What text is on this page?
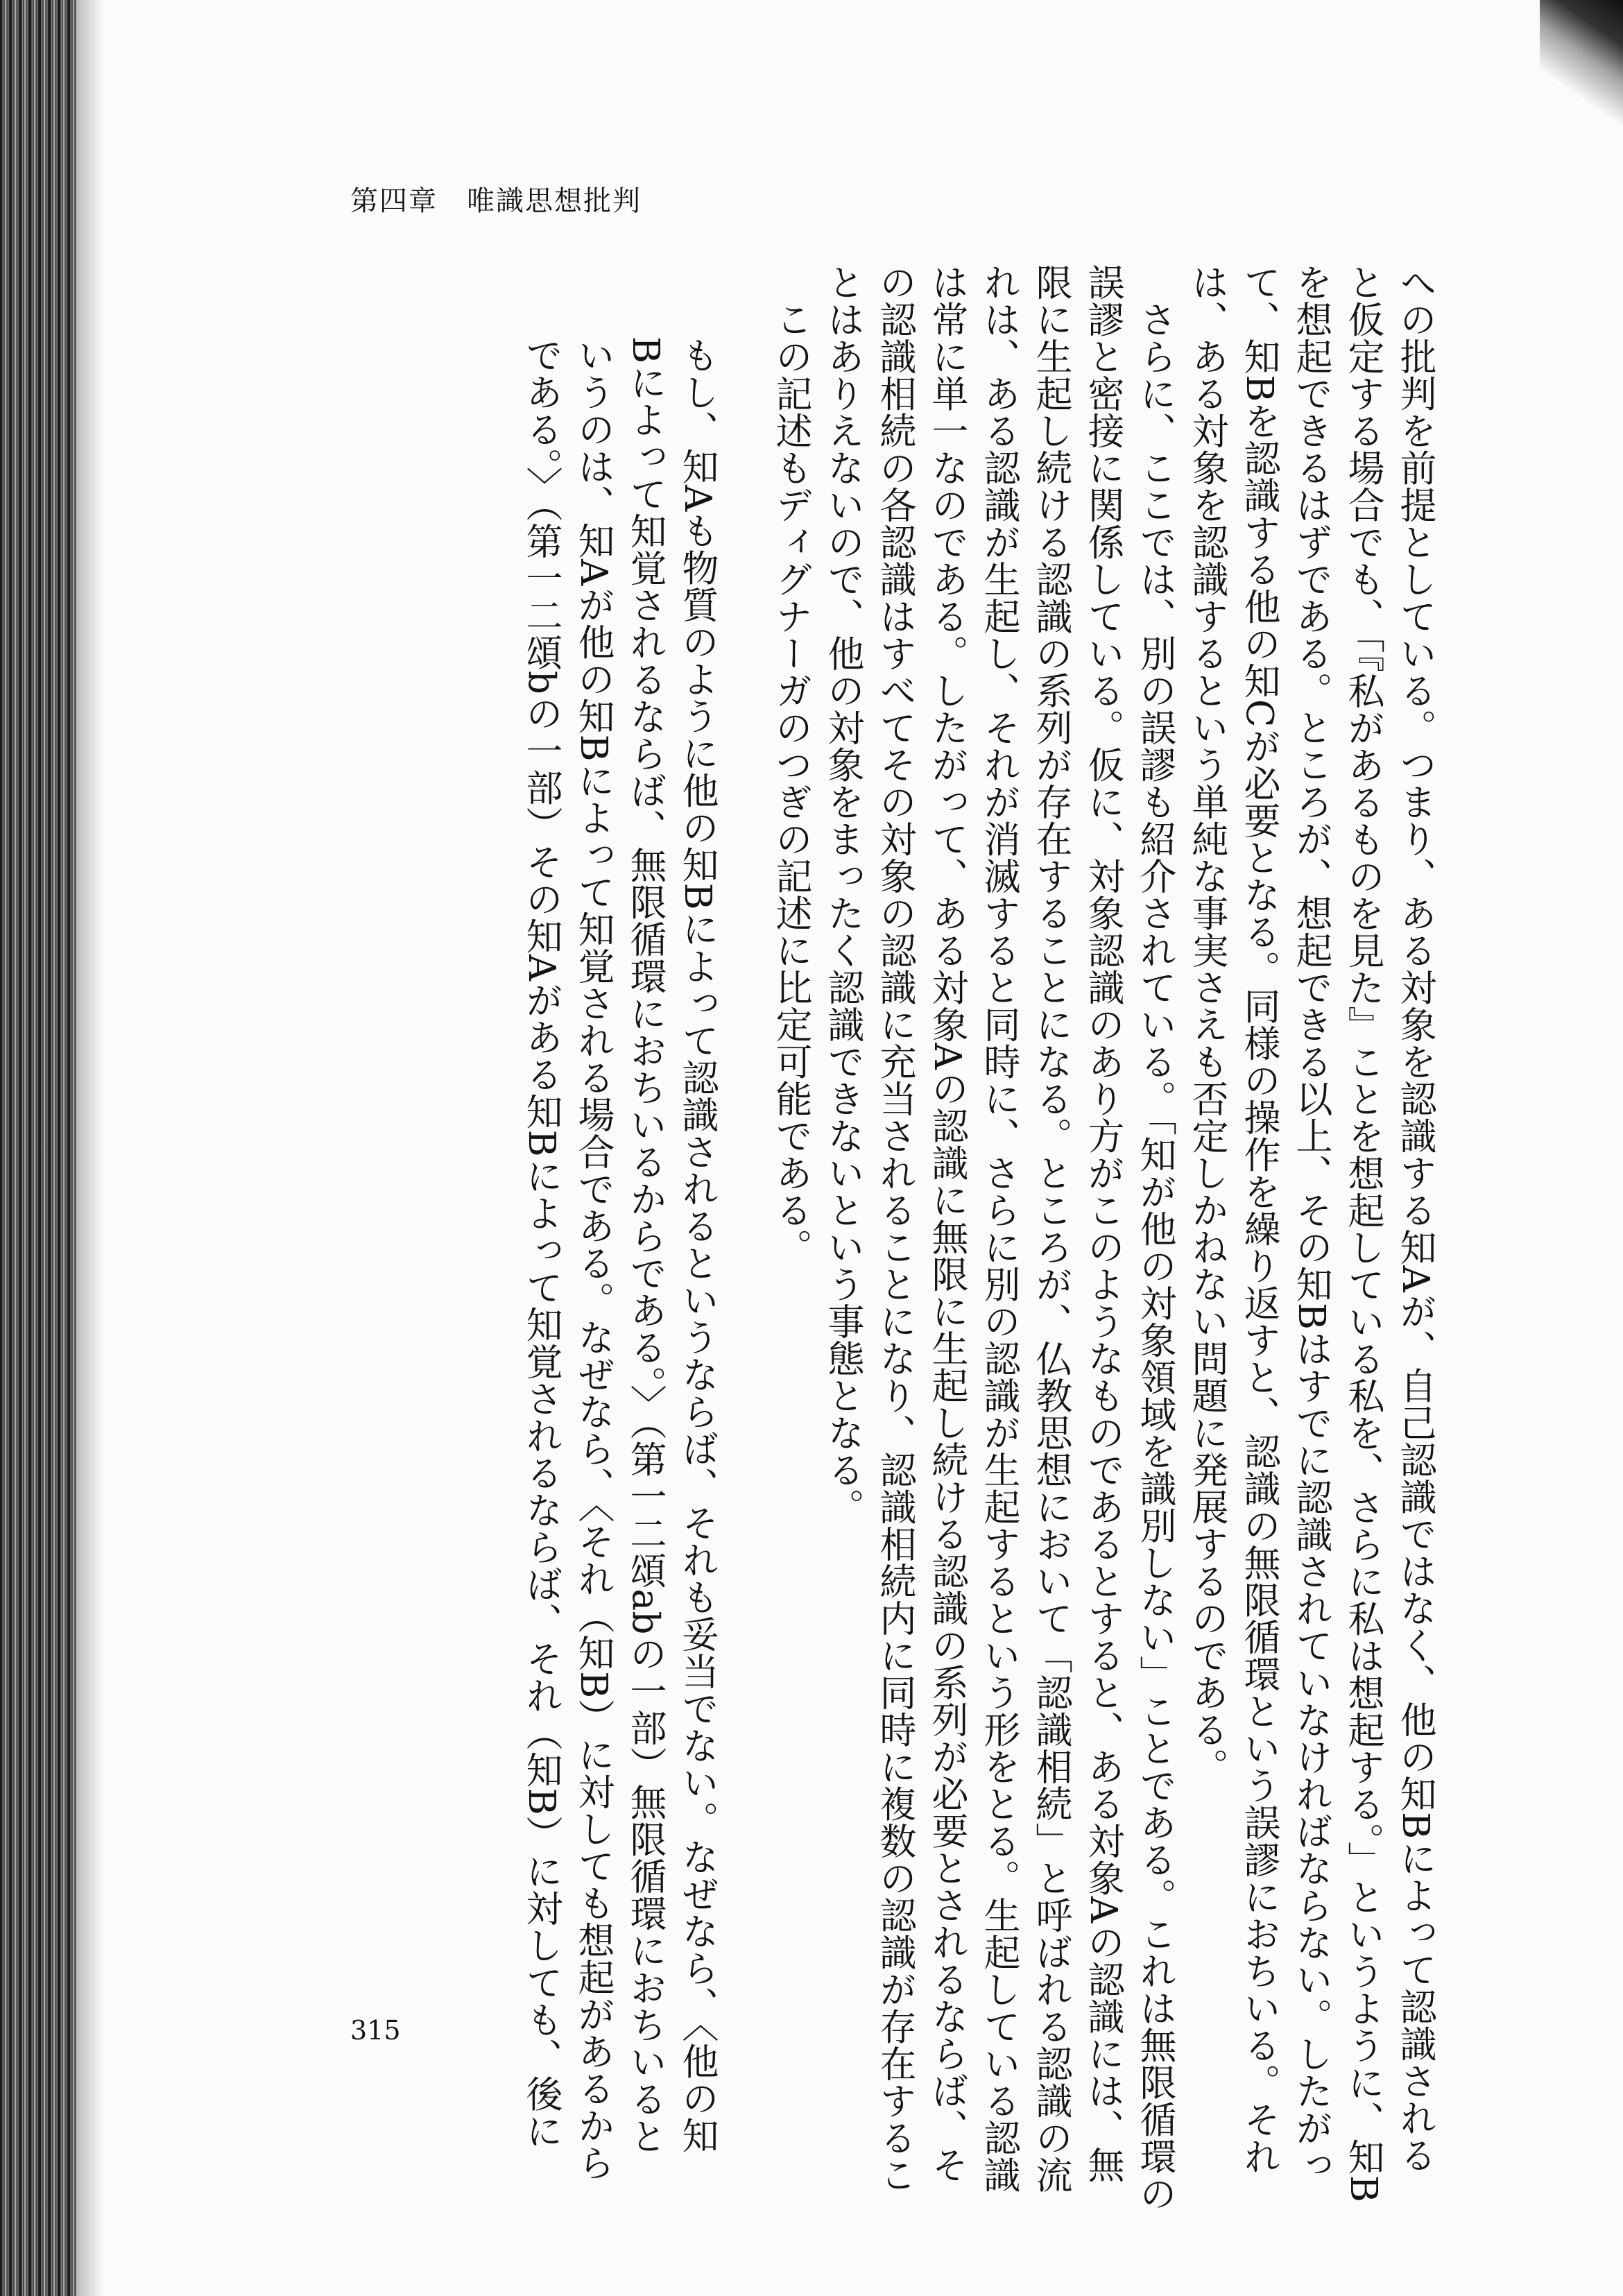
第四章　唯識思想批判
への批判を前提としている。つまり、ある対象を認識する知Aが、自己認識ではなく、他の知Bによって認識される
と仮定する場合でも、「『私があるものを見た』ことを想起している私を、さらに私は想起する。」というように、知B
を想起できるはずである。ところが、想起できる以上、その知Bはすでに認識されていなければならない。したがっ
て、知Bを認識する他の知Cが必要となる。同様の操作を繰り返すと、認識の無限循環という誤謬におちいる。それ
は、ある対象を認識するという単純な事実さえも否定しかねない問題に発展するのである。
　さらに、ここでは、別の誤謬も紹介されている。「知が他の対象領域を識別しない」ことである。これは無限循環の
誤謬と密接に関係している。仮に、対象認識のあり方がこのようなものであるとすると、ある対象Aの認識には、無
限に生起し続ける認識の系列が存在することになる。ところが、仏教思想において「認識相続」と呼ばれる認識の流
れは、ある認識が生起し、それが消滅すると同時に、さらに別の認識が生起するという形をとる。生起している認識
は常に単一なのである。したがって、ある対象Aの認識に無限に生起し続ける認識の系列が必要とされるならば、そ
の認識相続の各認識はすべてその対象の認識に充当されることになり、認識相続内に同時に複数の認識が存在するこ
とはありえないので、他の対象をまったく認識できないという事態となる。
　この記述もディグナーガのつぎの記述に比定可能である。
もし、知Aも物質のように他の知Bによって認識されるというならば、それも妥当でない。なぜなら、〈他の知
Bによって知覚されるならば、無限循環におちいるからである。〉（第一二頌abの一部）無限循環におちいると
いうのは、知Aが他の知Bによって知覚される場合である。なぜなら、〈それ（知B）に対しても想起があるから
である。〉（第一二頌bの一部）その知Aがある知Bによって知覚されるならば、それ（知B）に対しても、後に
315
